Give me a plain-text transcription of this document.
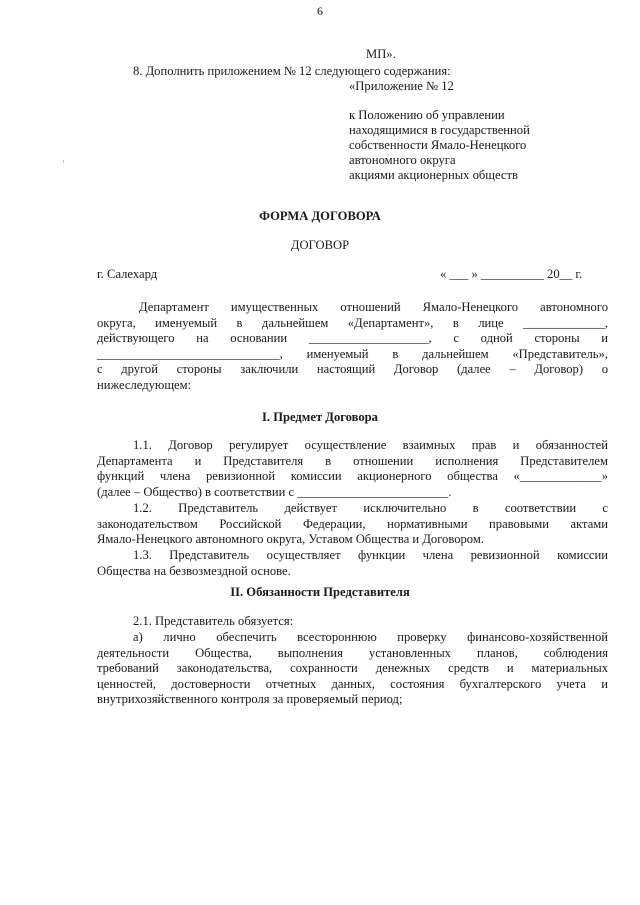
6
МП».
8. Дополнить приложением № 12 следующего содержания:
«Приложение № 12
к Положению об управлении
находящимися в государственной
собственности Ямало-Ненецкого
автономного округа
акциями акционерных обществ
ФОРМА ДОГОВОРА
ДОГОВОР
г. Салехард	« ___ » __________ 20__ г.
Департамент имущественных отношений Ямало-Ненецкого автономного
округа, именуемый в дальнейшем «Департамент», в лице _____________,
действующего на основании ___________________, с одной стороны и
_____________________________, именуемый в дальнейшем «Представитель»,
с другой стороны заключили настоящий Договор (далее – Договор) о
нижеследующем:
I. Предмет Договора
1.1. Договор регулирует осуществление взаимных прав и обязанностей
Департамента и Представителя в отношении исполнения Представителем
функций члена ревизионной комиссии акционерного общества «_____________»
(далее – Общество) в соответствии с ________________________.
1.2. Представитель действует исключительно в соответствии с
законодательством Российской Федерации, нормативными правовыми актами
Ямало-Ненецкого автономного округа, Уставом Общества и Договором.
1.3. Представитель осуществляет функции члена ревизионной комиссии
Общества на безвозмездной основе.
II. Обязанности Представителя
2.1. Представитель обязуется:
а) лично обеспечить всестороннюю проверку финансово-хозяйственной
деятельности Общества, выполнения установленных планов, соблюдения
требований законодательства, сохранности денежных средств и материальных
ценностей, достоверности отчетных данных, состояния бухгалтерского учета и
внутрихозяйственного контроля за проверяемый период;
